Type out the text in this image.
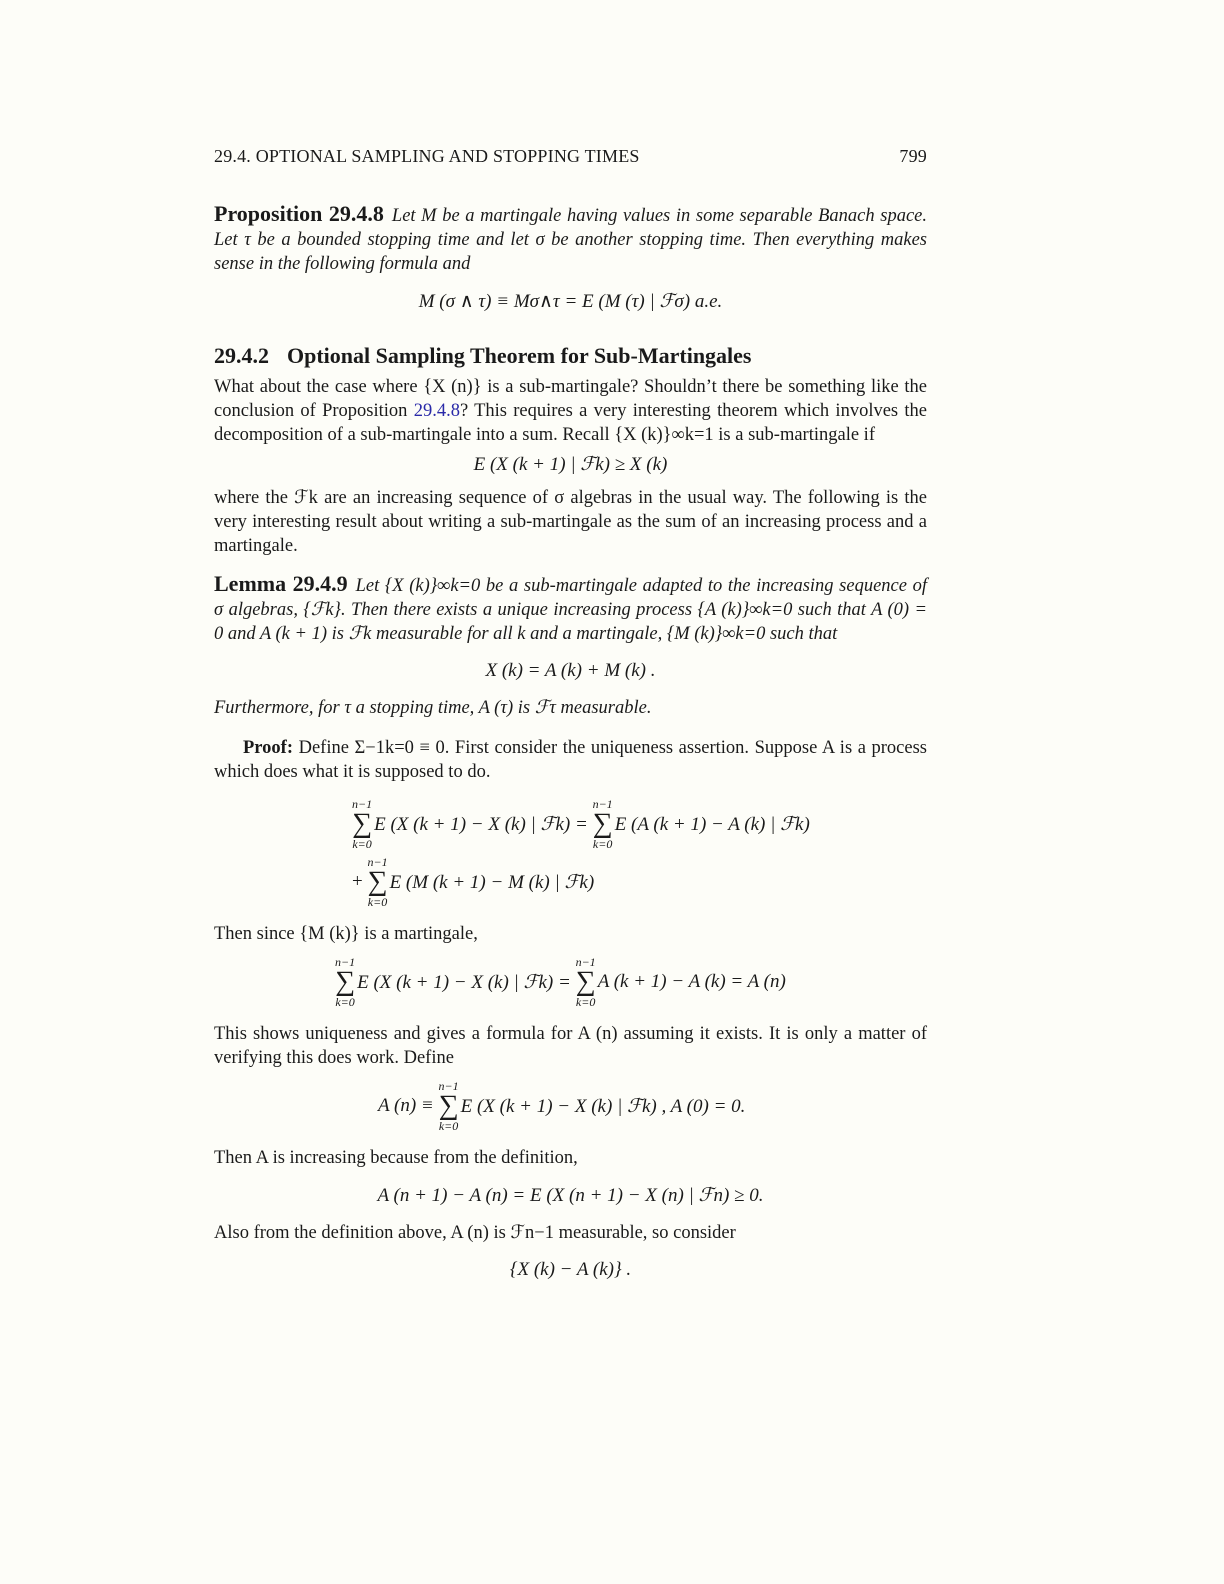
29.4. OPTIONAL SAMPLING AND STOPPING TIMES	799

Proposition 29.4.8 Let M be a martingale having values in some separable Banach space. Let τ be a bounded stopping time and let σ be another stopping time. Then everything makes sense in the following formula and

M (σ ∧ τ) ≡ Mσ∧τ = E (M (τ) | ℱσ) a.e.
29.4.2 Optional Sampling Theorem for Sub-Martingales

What about the case where {X (n)} is a sub-martingale? Shouldn’t there be something like the conclusion of Proposition 29.4.8? This requires a very interesting theorem which involves the decomposition of a sub-martingale into a sum. Recall {X (k)}∞k=1 is a sub-martingale if

E (X (k + 1) | ℱk) ≥ X (k)

where the ℱk are an increasing sequence of σ algebras in the usual way. The following is the very interesting result about writing a sub-martingale as the sum of an increasing process and a martingale.

Lemma 29.4.9 Let {X (k)}∞k=0 be a sub-martingale adapted to the increasing sequence of σ algebras, {ℱk}. Then there exists a unique increasing process {A (k)}∞k=0 such that A (0) = 0 and A (k + 1) is ℱk measurable for all k and a martingale, {M (k)}∞k=0 such that

X (k) = A (k) + M (k) .

Furthermore, for τ a stopping time, A (τ) is ℱτ measurable.

Proof: Define Σ−1k=0 ≡ 0. First consider the uniqueness assertion. Suppose A is a process which does what it is supposed to do.

n−1
∑
k=0
E (X (k + 1) − X (k) | ℱk) =

n−1
∑
k=0
E (A (k + 1) − A (k) | ℱk)
+

n−1
∑
k=0
E (M (k + 1) − M (k) | ℱk)

Then since {M (k)} is a martingale,

n−1
∑
k=0
E (X (k + 1) − X (k) | ℱk) =

n−1
∑
k=0
A (k + 1) − A (k) = A (n)

This shows uniqueness and gives a formula for A (n) assuming it exists. It is only a matter of verifying this does work. Define

A (n) ≡

n−1
∑
k=0
E (X (k + 1) − X (k) | ℱk) , A (0) = 0.

Then A is increasing because from the definition,

A (n + 1) − A (n) = E (X (n + 1) − X (n) | ℱn) ≥ 0.

Also from the definition above, A (n) is ℱn−1 measurable, so consider

{X (k) − A (k)} .
